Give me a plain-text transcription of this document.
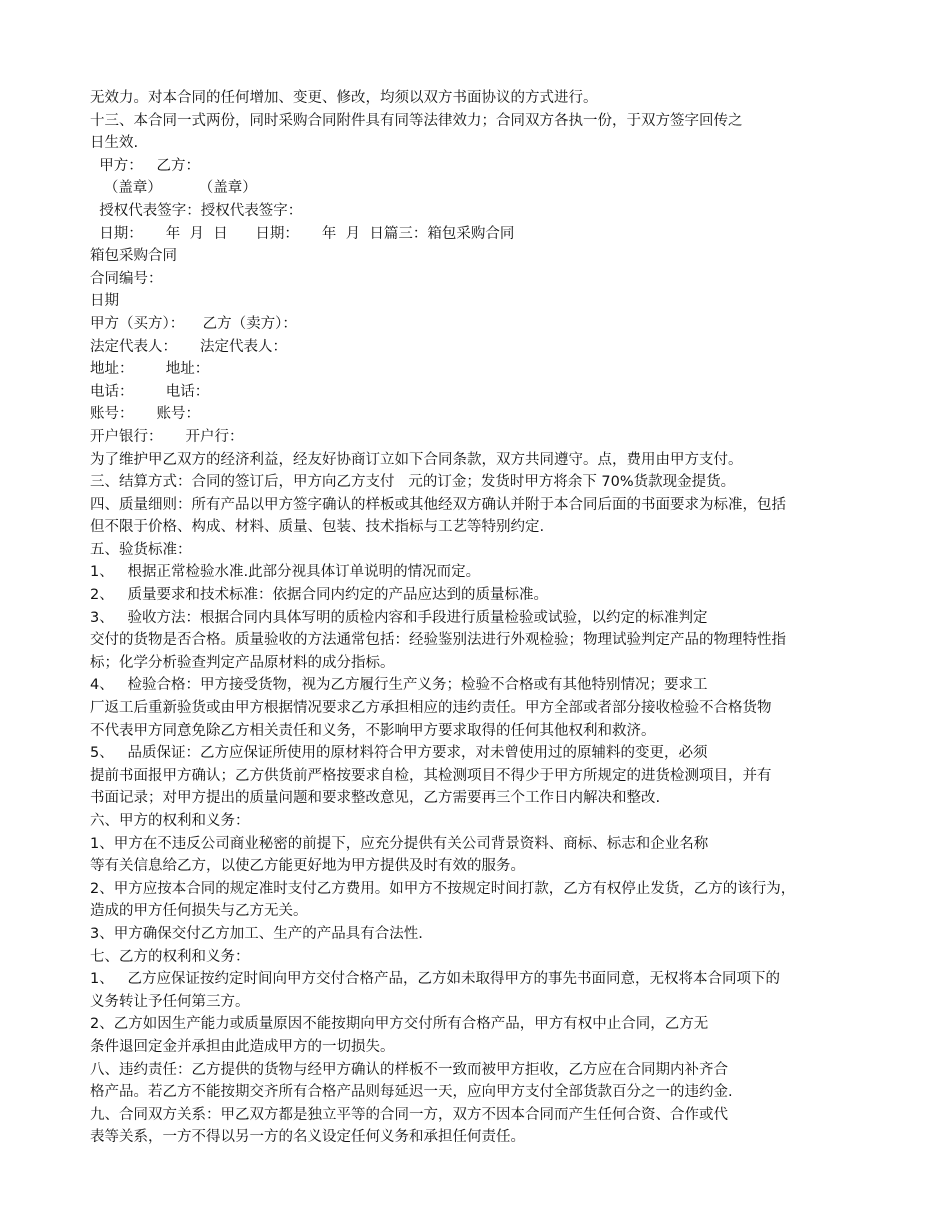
无效力。对本合同的任何增加、变更、修改，均须以双方书面协议的方式进行。
十三、本合同一式两份，同时采购合同附件具有同等法律效力；合同双方各执一份，于双方签字回传之
日生效.
甲方：   乙方：
（盖章）        （盖章）
授权代表签字：授权代表签字：
日期：     年  月  日      日期：     年  月  日篇三：箱包采购合同
箱包采购合同
合同编号：
日期
甲方（买方）：    乙方（卖方）：
法定代表人：     法定代表人：
地址：       地址：
电话：       电话：
账号：     账号：
开户银行：     开户行：
为了维护甲乙双方的经济利益，经友好协商订立如下合同条款，双方共同遵守。点，费用由甲方支付。
三、结算方式：合同的签订后，甲方向乙方支付   元的订金；发货时甲方将余下 70%货款现金提货。
四、质量细则：所有产品以甲方签字确认的样板或其他经双方确认并附于本合同后面的书面要求为标准，包括
但不限于价格、构成、材料、质量、包装、技术指标与工艺等特别约定.
五、验货标准：
1、   根据正常检验水准.此部分视具体订单说明的情况而定。
2、   质量要求和技术标准：依据合同内约定的产品应达到的质量标准。
3、   验收方法：根据合同内具体写明的质检内容和手段进行质量检验或试验，以约定的标准判定
交付的货物是否合格。质量验收的方法通常包括：经验鉴别法进行外观检验；物理试验判定产品的物理特性指
标；化学分析验查判定产品原材料的成分指标。
4、   检验合格：甲方接受货物，视为乙方履行生产义务；检验不合格或有其他特别情况；要求工
厂返工后重新验货或由甲方根据情况要求乙方承担相应的违约责任。甲方全部或者部分接收检验不合格货物
不代表甲方同意免除乙方相关责任和义务，不影响甲方要求取得的任何其他权利和救济。
5、   品质保证：乙方应保证所使用的原材料符合甲方要求，对未曾使用过的原辅料的变更，必须
提前书面报甲方确认；乙方供货前严格按要求自检，其检测项目不得少于甲方所规定的进货检测项目，并有
书面记录；对甲方提出的质量问题和要求整改意见，乙方需要再三个工作日内解决和整改.
六、甲方的权利和义务：
1、甲方在不违反公司商业秘密的前提下，应充分提供有关公司背景资料、商标、标志和企业名称
等有关信息给乙方，以使乙方能更好地为甲方提供及时有效的服务。
2、甲方应按本合同的规定准时支付乙方费用。如甲方不按规定时间打款，乙方有权停止发货，乙方的该行为，
造成的甲方任何损失与乙方无关。
3、甲方确保交付乙方加工、生产的产品具有合法性.
七、乙方的权利和义务：
1、   乙方应保证按约定时间向甲方交付合格产品，乙方如未取得甲方的事先书面同意，无权将本合同项下的
义务转让予任何第三方。
2、乙方如因生产能力或质量原因不能按期向甲方交付所有合格产品，甲方有权中止合同，乙方无
条件退回定金并承担由此造成甲方的一切损失。
八、违约责任：乙方提供的货物与经甲方确认的样板不一致而被甲方拒收，乙方应在合同期内补齐合
格产品。若乙方不能按期交齐所有合格产品则每延迟一天，应向甲方支付全部货款百分之一的违约金.
九、合同双方关系：甲乙双方都是独立平等的合同一方，双方不因本合同而产生任何合资、合作或代
表等关系，一方不得以另一方的名义设定任何义务和承担任何责任。
